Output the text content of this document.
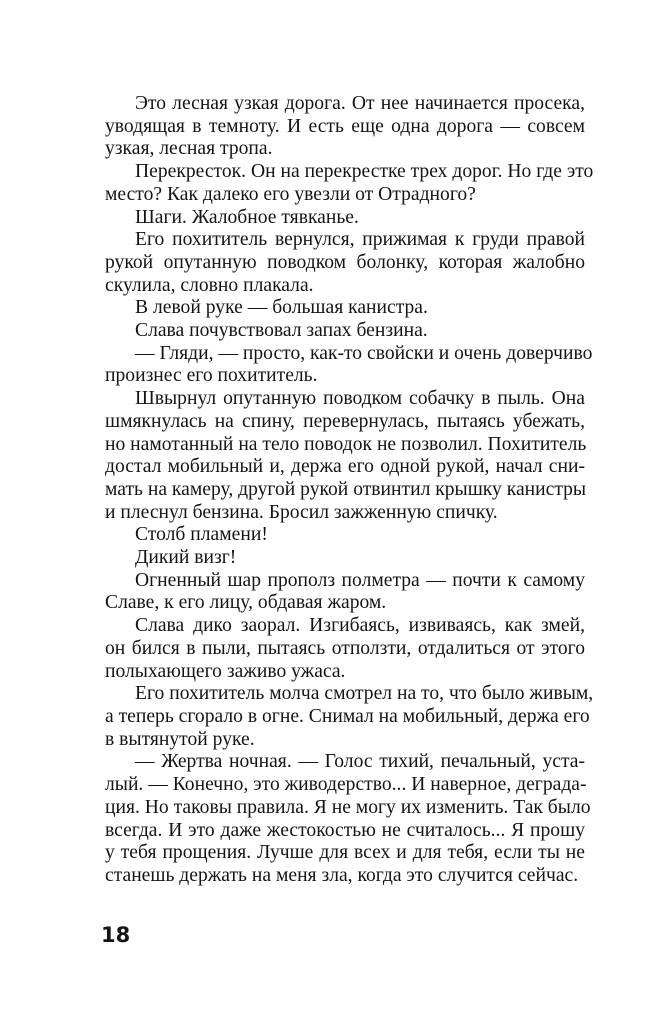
Это лесная узкая дорога. От нее начинается просека,
уводящая в темноту. И есть еще одна дорога — совсем
узкая, лесная тропа.
Перекресток. Он на перекрестке трех дорог. Но где это
место? Как далеко его увезли от Отрадного?
Шаги. Жалобное тявканье.
Его похититель вернулся, прижимая к груди правой
рукой опутанную поводком болонку, которая жалобно
скулила, словно плакала.
В левой руке — большая канистра.
Слава почувствовал запах бензина.
— Гляди, — просто, как-то свойски и очень доверчиво
произнес его похититель.
Швырнул опутанную поводком собачку в пыль. Она
шмякнулась на спину, перевернулась, пытаясь убежать,
но намотанный на тело поводок не позволил. Похититель
достал мобильный и, держа его одной рукой, начал сни-
мать на камеру, другой рукой отвинтил крышку канистры
и плеснул бензина. Бросил зажженную спичку.
Столб пламени!
Дикий визг!
Огненный шар прополз полметра — почти к самому
Славе, к его лицу, обдавая жаром.
Слава дико заорал. Изгибаясь, извиваясь, как змей,
он бился в пыли, пытаясь отползти, отдалиться от этого
полыхающего заживо ужаса.
Его похититель молча смотрел на то, что было живым,
а теперь сгорало в огне. Снимал на мобильный, держа его
в вытянутой руке.
— Жертва ночная. — Голос тихий, печальный, уста-
лый. — Конечно, это живодерство... И наверное, деграда-
ция. Но таковы правила. Я не могу их изменить. Так было
всегда. И это даже жестокостью не считалось... Я прошу
у тебя прощения. Лучше для всех и для тебя, если ты не
станешь держать на меня зла, когда это случится сейчас.
18
